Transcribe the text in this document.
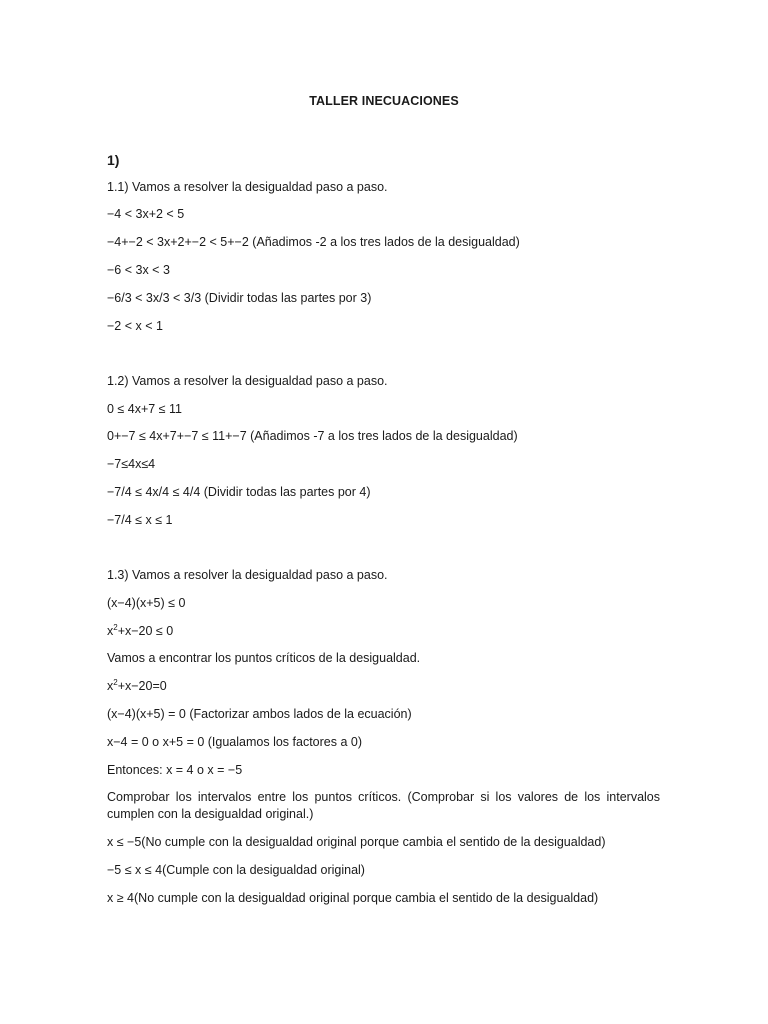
TALLER INECUACIONES
1)
1.1) Vamos a resolver la desigualdad paso a paso.
−4 < 3x+2 < 5
−4+−2 < 3x+2+−2 < 5+−2 (Añadimos -2 a los tres lados de la desigualdad)
−6 < 3x < 3
−6/3 < 3x/3 < 3/3 (Dividir todas las partes por 3)
−2 < x < 1
1.2) Vamos a resolver la desigualdad paso a paso.
0 ≤ 4x+7 ≤ 11
0+−7 ≤ 4x+7+−7 ≤ 11+−7 (Añadimos -7 a los tres lados de la desigualdad)
−7≤4x≤4
−7/4 ≤ 4x/4 ≤ 4/4 (Dividir todas las partes por 4)
−7/4 ≤ x ≤ 1
1.3) Vamos a resolver la desigualdad paso a paso.
(x−4)(x+5) ≤ 0
$x^2+x-20 \le 0$
Vamos a encontrar los puntos críticos de la desigualdad.
$x^2+x-20=0$
(x−4)(x+5) = 0 (Factorizar ambos lados de la ecuación)
x−4 = 0 o x+5 = 0 (Igualamos los factores a 0)
Entonces: x = 4 o x = −5
Comprobar los intervalos entre los puntos críticos. (Comprobar si los valores de los intervalos cumplen con la desigualdad original.)
x ≤ −5(No cumple con la desigualdad original porque cambia el sentido de la desigualdad)
−5 ≤ x ≤ 4(Cumple con la desigualdad original)
x ≥ 4(No cumple con la desigualdad original porque cambia el sentido de la desigualdad)
